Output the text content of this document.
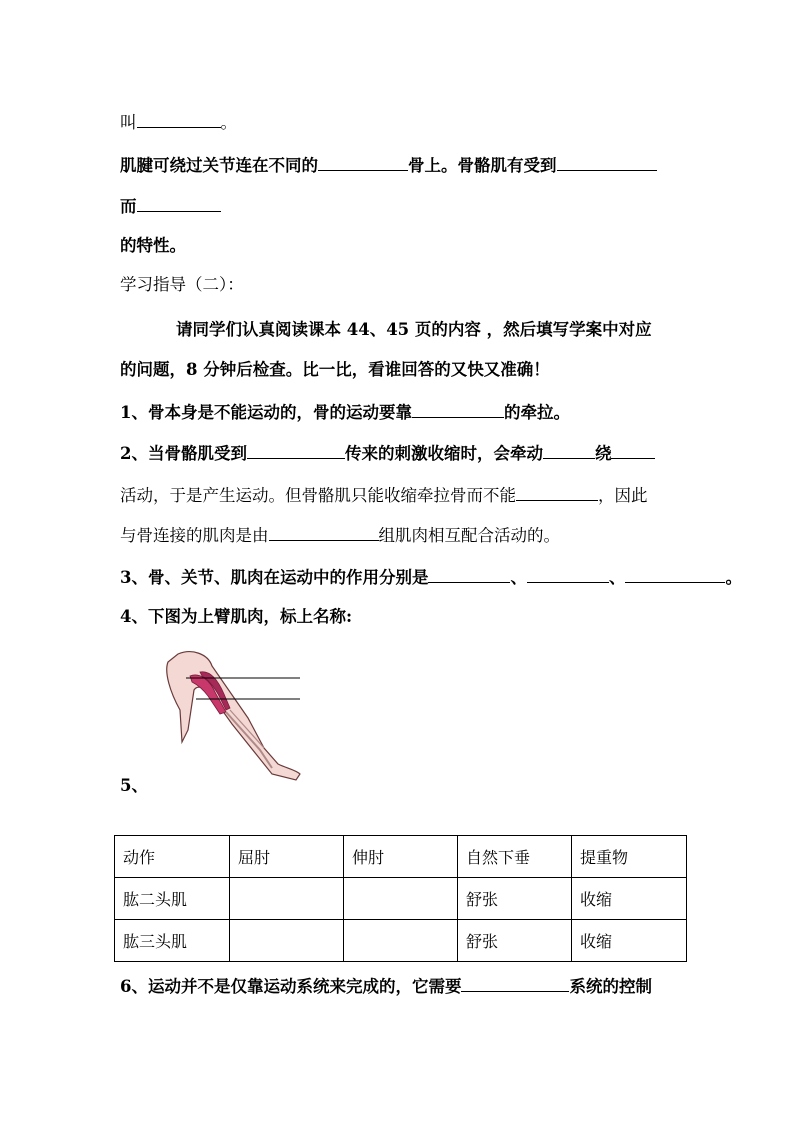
叫	。
肌腱可绕过关节连在不同的	骨上。骨骼肌有受到
而
的特性。
学习指导（二）：
请同学们认真阅读课本 44、45 页的内容 ，然后填写学案中对应
的问题，8 分钟后检查。比一比，看谁回答的又快又准确！
1、骨本身是不能运动的，骨的运动要靠	的牵拉。
2、当骨骼肌受到	传来的刺激收缩时，会牵动	绕
活动，于是产生运动。但骨骼肌只能收缩牵拉骨而不能	，因此
与骨连接的肌肉是由	组肌肉相互配合活动的。
3、骨、关节、肌肉在运动中的作用分别是	、	、	。
4、下图为上臂肌肉，标上名称:
5、
动作	屈肘	伸肘	自然下垂	提重物
肱二头肌			舒张	收缩
肱三头肌			舒张	收缩
6、运动并不是仅靠运动系统来完成的，它需要	系统的控制
